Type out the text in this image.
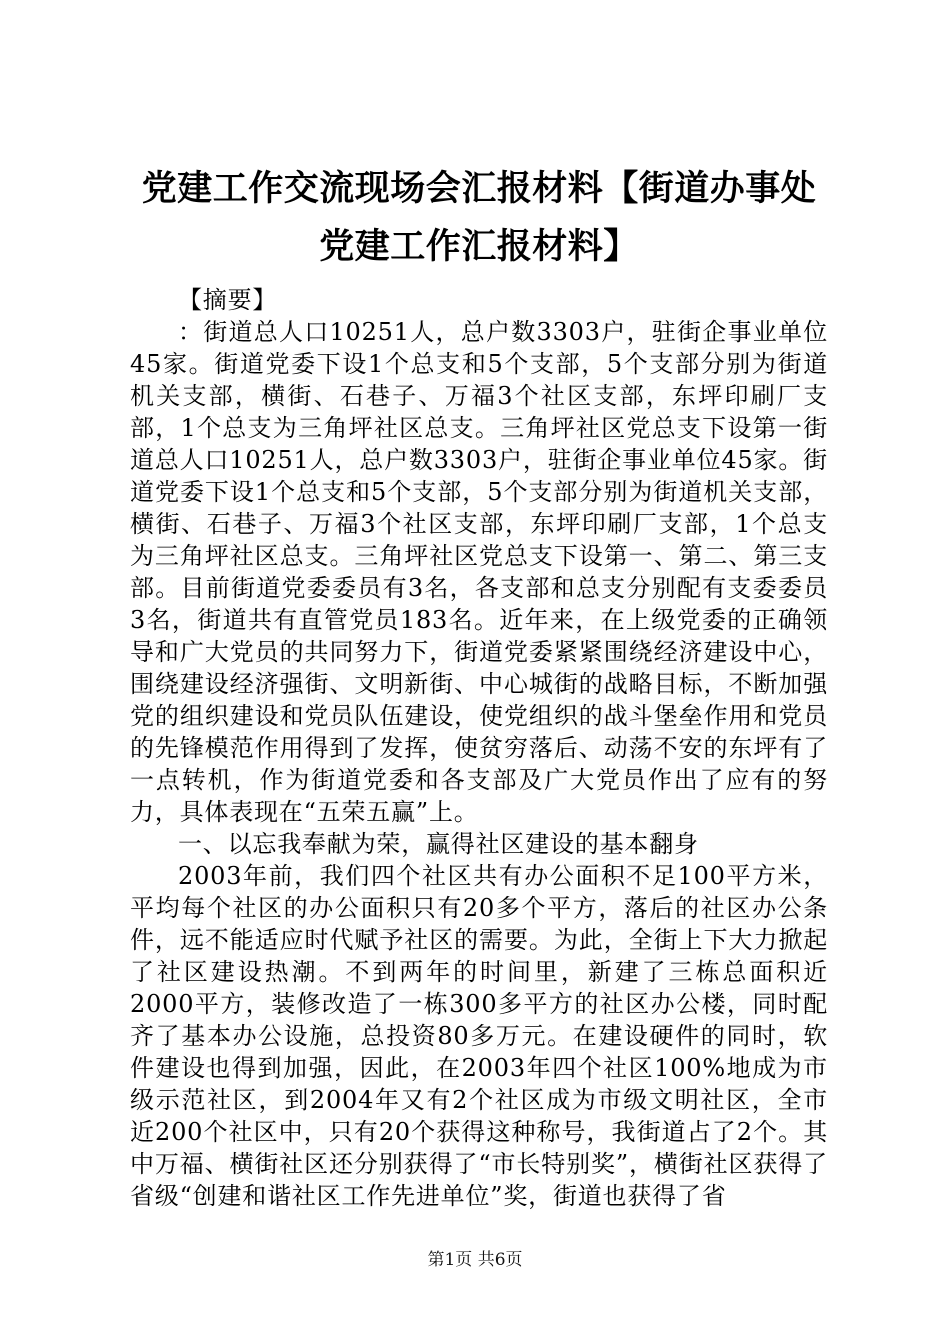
党建工作交流现场会汇报材料【街道办事处党建工作汇报材料】

【摘要】

：街道总人口10251人，总户数3303户，驻街企事业单位45家。街道党委下设1个总支和5个支部，5个支部分别为街道机关支部，横街、石巷子、万福3个社区支部，东坪印刷厂支部，1个总支为三角坪社区总支。三角坪社区党总支下设第一街道总人口10251人，总户数3303户，驻街企事业单位45家。街道党委下设1个总支和5个支部，5个支部分别为街道机关支部，横街、石巷子、万福3个社区支部，东坪印刷厂支部，1个总支为三角坪社区总支。三角坪社区党总支下设第一、第二、第三支部。目前街道党委委员有3名，各支部和总支分别配有支委委员3名，街道共有直管党员183名。近年来，在上级党委的正确领导和广大党员的共同努力下，街道党委紧紧围绕经济建设中心，围绕建设经济强街、文明新街、中心城街的战略目标，不断加强党的组织建设和党员队伍建设，使党组织的战斗堡垒作用和党员的先锋模范作用得到了发挥，使贫穷落后、动荡不安的东坪有了一点转机，作为街道党委和各支部及广大党员作出了应有的努力，具体表现在“五荣五赢”上。

一、以忘我奉献为荣，赢得社区建设的基本翻身

2003年前，我们四个社区共有办公面积不足100平方米，平均每个社区的办公面积只有20多个平方，落后的社区办公条件，远不能适应时代赋予社区的需要。为此，全街上下大力掀起了社区建设热潮。不到两年的时间里，新建了三栋总面积近2000平方，装修改造了一栋300多平方的社区办公楼，同时配齐了基本办公设施，总投资80多万元。在建设硬件的同时，软件建设也得到加强，因此，在2003年四个社区100%地成为市级示范社区，到2004年又有2个社区成为市级文明社区，全市近200个社区中，只有20个获得这种称号，我街道占了2个。其中万福、横街社区还分别获得了“市长特别奖”，横街社区获得了省级“创建和谐社区工作先进单位”奖，街道也获得了省

第1页 共6页
